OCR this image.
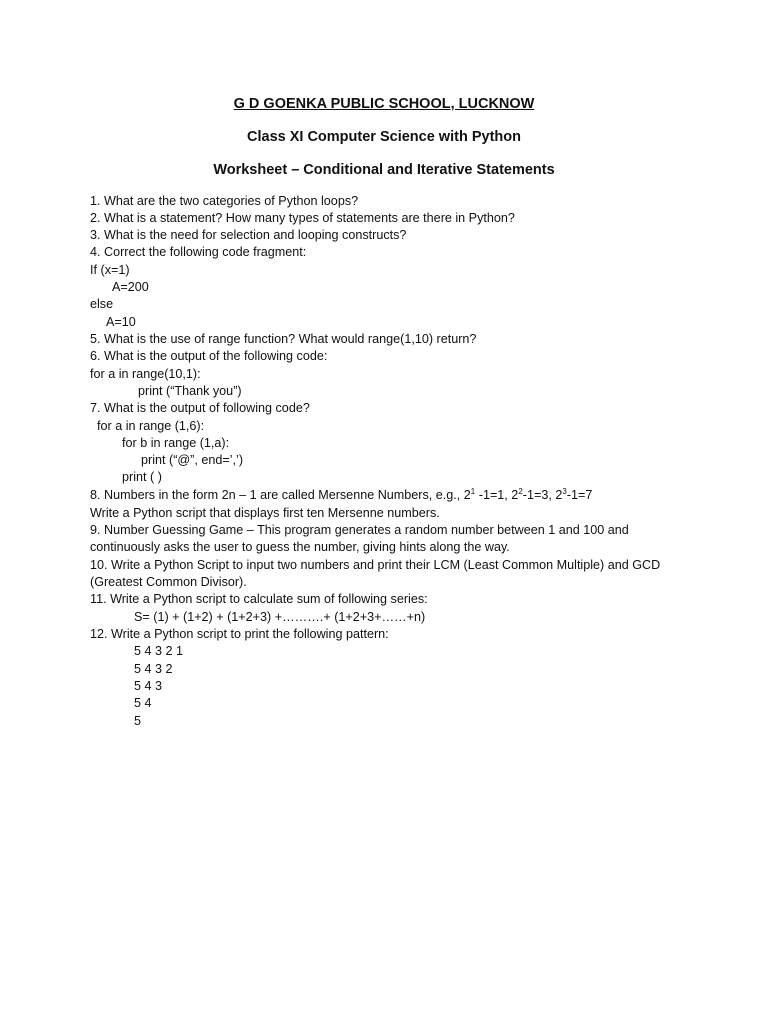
G D GOENKA PUBLIC SCHOOL, LUCKNOW
Class XI Computer Science with Python
Worksheet – Conditional and Iterative Statements
1. What are the two categories of Python loops?
2. What is a statement? How many types of statements are there in Python?
3. What is the need for selection and looping constructs?
4. Correct the following code fragment:
If (x=1)
A=200
else
A=10
5. What is the use of range function? What would range(1,10) return?
6. What is the output of the following code:
for a in range(10,1):
print (“Thank you”)
7. What is the output of following code?
for a in range (1,6):
for b in range (1,a):
print (“@”, end=’,’)
print ( )
8. Numbers in the form 2n – 1 are called Mersenne Numbers, e.g., $2^1$ -1=1, $2^2-1=3$, $2^3-1=7$
Write a Python script that displays first ten Mersenne numbers.
9. Number Guessing Game – This program generates a random number between 1 and 100 and
continuously asks the user to guess the number, giving hints along the way.
10. Write a Python Script to input two numbers and print their LCM (Least Common Multiple) and GCD
(Greatest Common Divisor).
11. Write a Python script to calculate sum of following series:
S= (1) + (1+2) + (1+2+3) +……….+ (1+2+3+……+n)
12. Write a Python script to print the following pattern:
5 4 3 2 1
5 4 3 2
5 4 3
5 4
5
